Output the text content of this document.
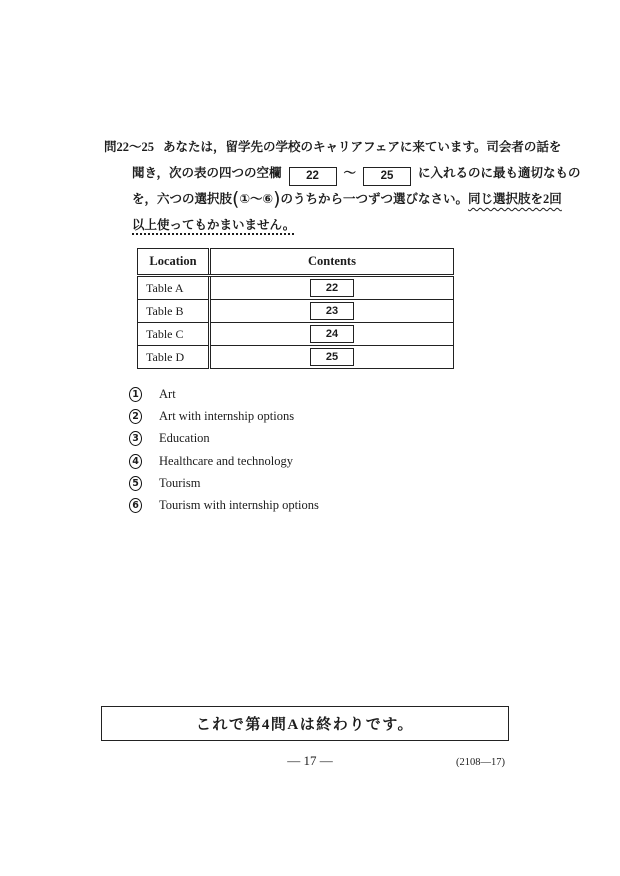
問22～25 あなたは，留学先の学校のキャリアフェアに来ています。司会者の話を
聞き，次の表の四つの空欄 22 ～ 25 に入れるのに最も適切なもの
を，六つの選択肢(①～⑥)のうちから一つずつ選びなさい。同じ選択肢を2回
以上使ってもかまいません。
Location	Contents
Table A	22
Table B	23
Table C	24
Table D	25
1 Art
2 Art with internship options
3 Education
4 Healthcare and technology
5 Tourism
6 Tourism with internship options
これで第4問Aは終わりです。
— 17 —	(2108—17)
